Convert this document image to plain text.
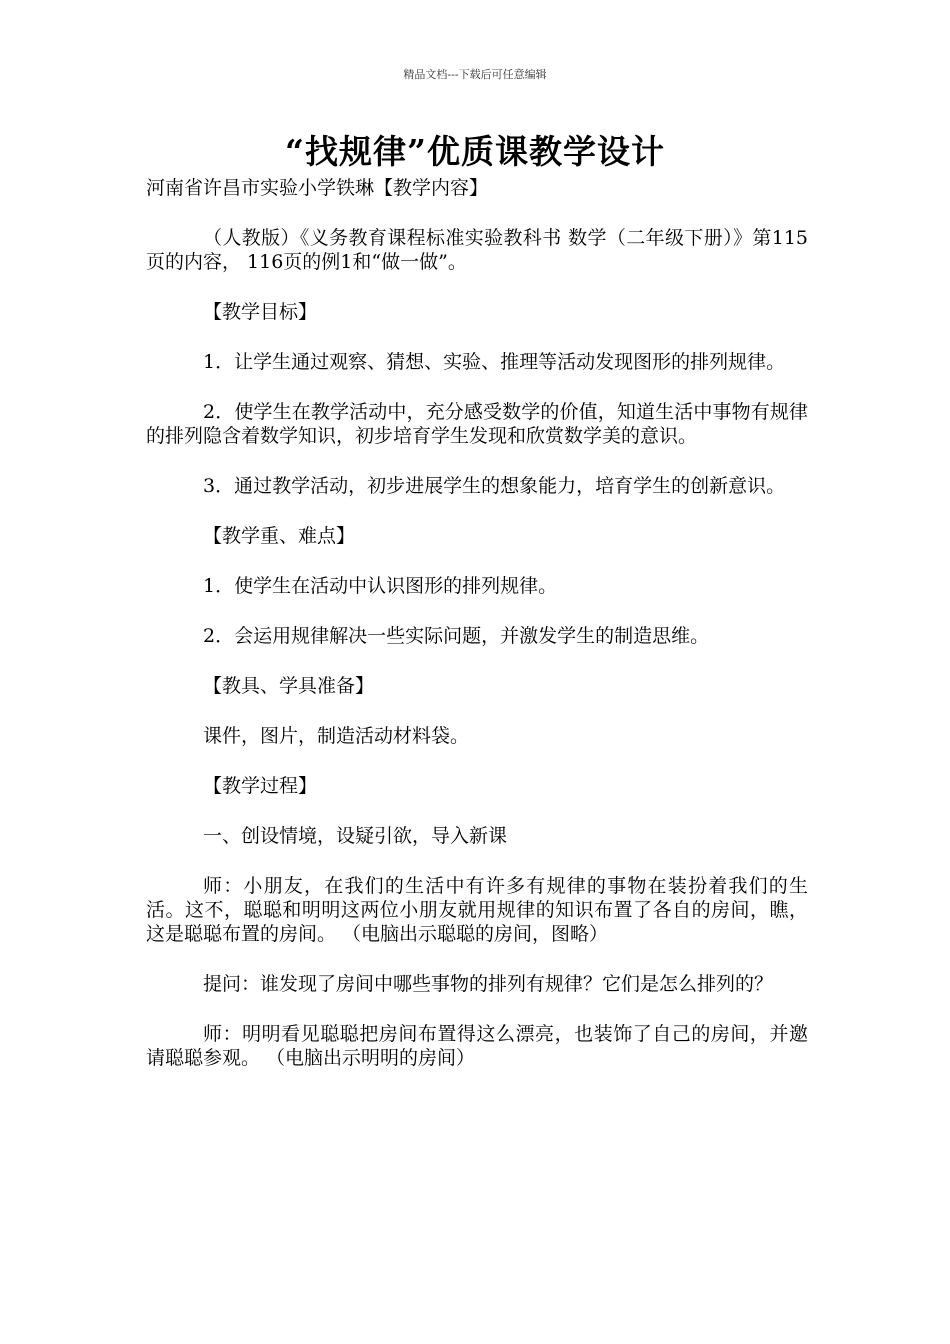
精品文档---下载后可任意编辑
“找规律”优质课教学设计

河南省许昌市实验小学铁琳【教学内容】

（人教版）《义务教育课程标准实验教科书 数学（二年级下册）》第115页的内容， 116页的例1和“做一做”。

【教学目标】

1．让学生通过观察、猜想、实验、推理等活动发现图形的排列规律。

2．使学生在教学活动中，充分感受数学的价值，知道生活中事物有规律的排列隐含着数学知识，初步培育学生发现和欣赏数学美的意识。

3．通过教学活动，初步进展学生的想象能力，培育学生的创新意识。

【教学重、难点】

1．使学生在活动中认识图形的排列规律。

2．会运用规律解决一些实际问题，并激发学生的制造思维。

【教具、学具准备】

课件，图片，制造活动材料袋。

【教学过程】

一、创设情境，设疑引欲，导入新课

师：小朋友，在我们的生活中有许多有规律的事物在装扮着我们的生活。这不，聪聪和明明这两位小朋友就用规律的知识布置了各自的房间，瞧，这是聪聪布置的房间。 （电脑出示聪聪的房间，图略）

提问：谁发现了房间中哪些事物的排列有规律？它们是怎么排列的？

师：明明看见聪聪把房间布置得这么漂亮，也装饰了自己的房间，并邀请聪聪参观。 （电脑出示明明的房间）
